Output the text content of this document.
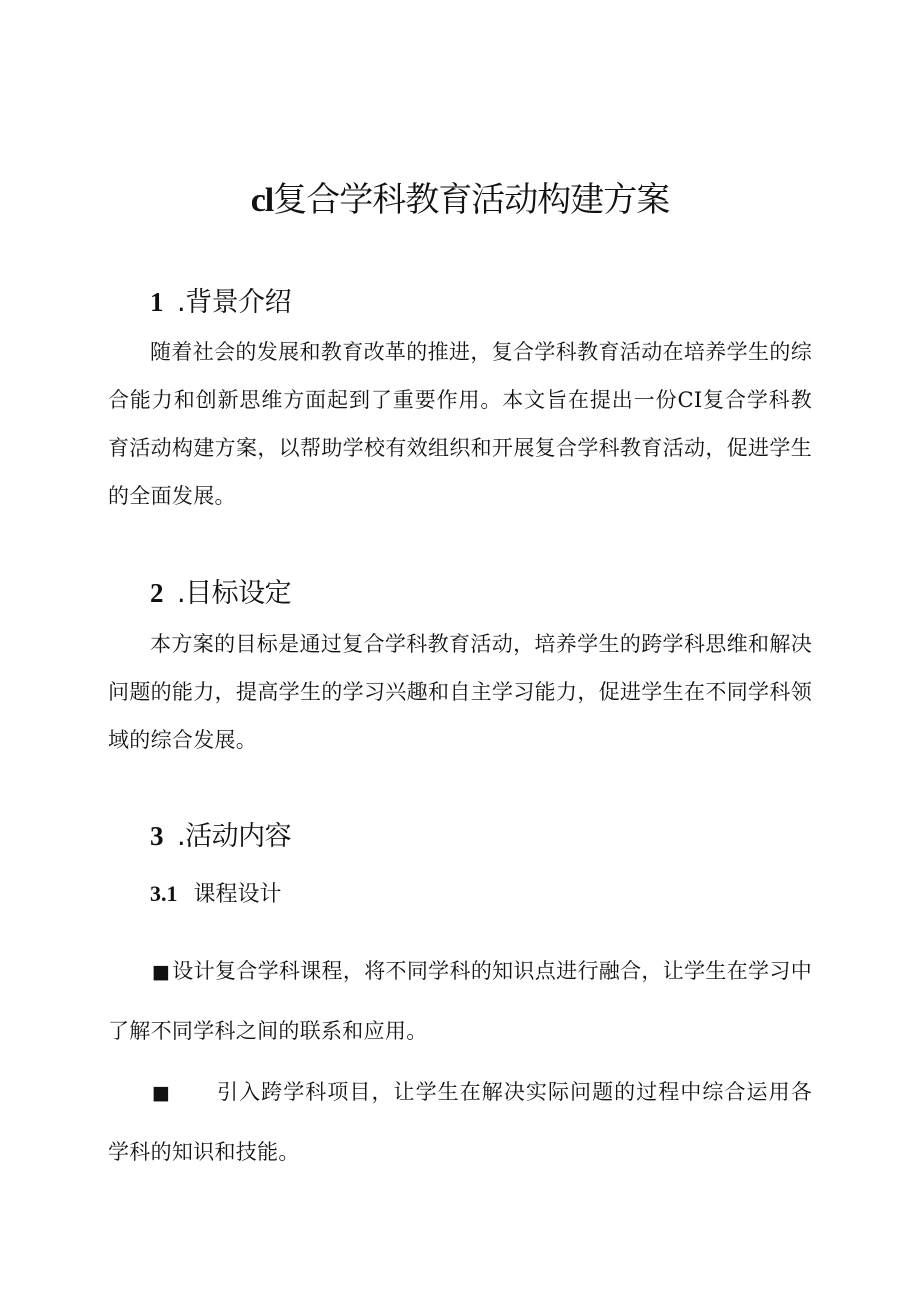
cl复合学科教育活动构建方案
1 .背景介绍

随着社会的发展和教育改革的推进，复合学科教育活动在培养学生的综合能力和创新思维方面起到了重要作用。本文旨在提出一份CI复合学科教育活动构建方案，以帮助学校有效组织和开展复合学科教育活动，促进学生的全面发展。

2 .目标设定

本方案的目标是通过复合学科教育活动，培养学生的跨学科思维和解决问题的能力，提高学生的学习兴趣和自主学习能力，促进学生在不同学科领域的综合发展。

3 .活动内容
3.1 课程设计

■设计复合学科课程，将不同学科的知识点进行融合，让学生在学习中了解不同学科之间的联系和应用。

■ 引入跨学科项目，让学生在解决实际问题的过程中综合运用各学科的知识和技能。
